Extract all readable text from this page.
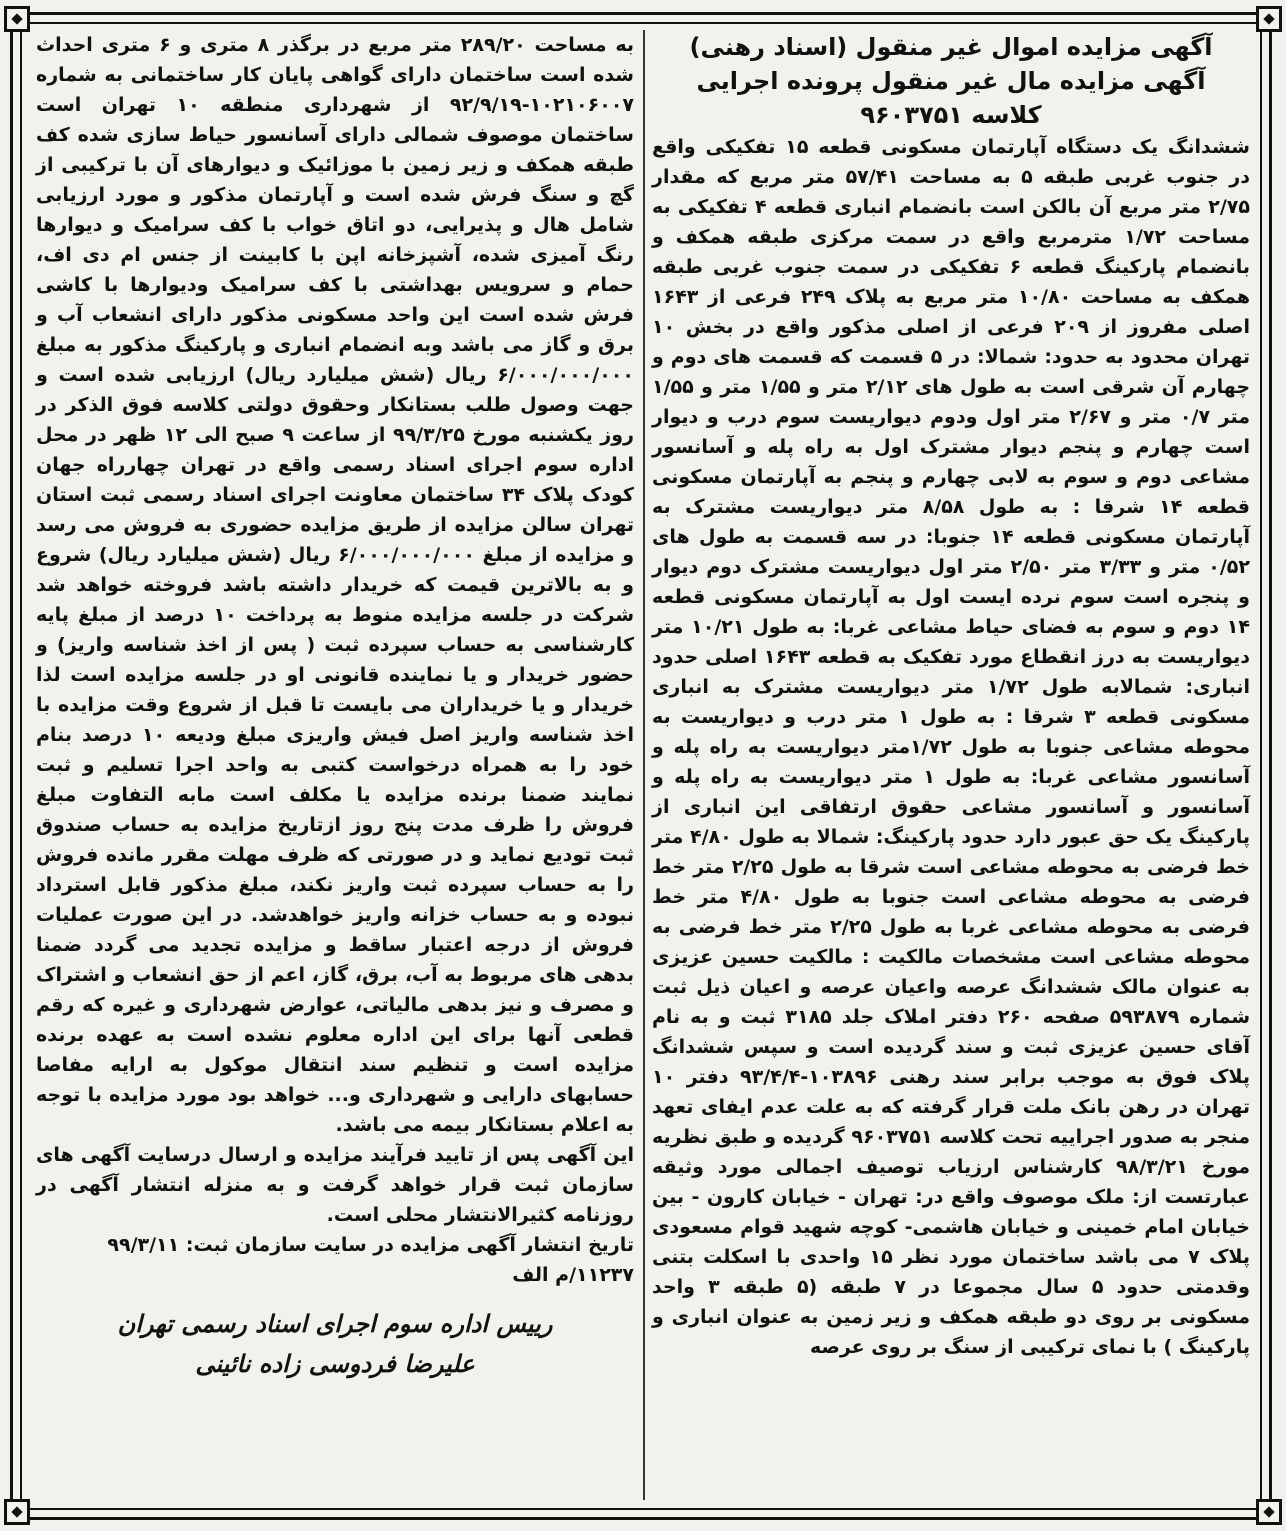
آگهی مزایده اموال غیر منقول (اسناد رهنی)
آگهی مزایده مال غیر منقول پرونده اجرایی
کلاسه ۹۶۰۳۷۵۱

ششدانگ یک دستگاه آپارتمان مسکونی قطعه ۱۵ تفکیکی واقع در جنوب غربی طبقه ۵ به مساحت ۵۷/۴۱ متر مربع که مقدار ۲/۷۵ متر مربع آن بالکن است بانضمام انباری قطعه ۴ تفکیکی به مساحت ۱/۷۲ مترمربع واقع در سمت مرکزی طبقه همکف و بانضمام پارکینگ قطعه ۶ تفکیکی در سمت جنوب غربی طبقه همکف به مساحت ۱۰/۸۰ متر مربع به پلاک ۲۴۹ فرعی از ۱۶۴۳ اصلی مفروز از ۲۰۹ فرعی از اصلی مذکور واقع در بخش ۱۰ تهران محدود به حدود: شمالا: در ۵ قسمت که قسمت های دوم و چهارم آن شرقی است به طول های ۲/۱۲ متر و ۱/۵۵ متر و ۱/۵۵ متر ۰/۷ متر و ۲/۶۷ متر اول ودوم دیواریست سوم درب و دیوار است چهارم و پنجم دیوار مشترک اول به راه پله و آسانسور مشاعی دوم و سوم به لابی چهارم و پنجم به آپارتمان مسکونی قطعه ۱۴ شرقا : به طول ۸/۵۸ متر دیواریست مشترک به آپارتمان مسکونی قطعه ۱۴ جنوبا: در سه قسمت به طول های ۰/۵۲ متر و ۳/۳۳ متر ۲/۵۰ متر اول دیواریست مشترک دوم دیوار و پنجره است سوم نرده ایست اول به آپارتمان مسکونی قطعه ۱۴ دوم و سوم به فضای حیاط مشاعی غربا: به طول ۱۰/۲۱ متر دیواریست به درز انقطاع مورد تفکیک به قطعه ۱۶۴۳ اصلی حدود انباری: شمالابه طول ۱/۷۲ متر دیواریست مشترک به انباری مسکونی قطعه ۳ شرقا : به طول ۱ متر درب و دیواریست به محوطه مشاعی جنوبا به طول ۱/۷۲متر دیواریست به راه پله و آسانسور مشاعی غربا: به طول ۱ متر دیواریست به راه پله و آسانسور و آسانسور مشاعی حقوق ارتفاقی این انباری از پارکینگ یک حق عبور دارد حدود پارکینگ: شمالا به طول ۴/۸۰ متر خط فرضی به محوطه مشاعی است شرقا به طول ۲/۲۵ متر خط فرضی به محوطه مشاعی است جنوبا به طول ۴/۸۰ متر خط فرضی به محوطه مشاعی غربا به طول ۲/۲۵ متر خط فرضی به محوطه مشاعی است مشخصات مالکیت : مالکیت حسین عزیزی به عنوان مالک ششدانگ عرصه واعیان عرصه و اعیان ذیل ثبت شماره ۵۹۳۸۷۹ صفحه ۲۶۰ دفتر املاک جلد ۳۱۸۵ ثبت و به نام آقای حسین عزیزی ثبت و سند گردیده است و سپس ششدانگ پلاک فوق به موجب برابر سند رهنی ۱۰۳۸۹۶-۹۳/۴/۴ دفتر ۱۰ تهران در رهن بانک ملت قرار گرفته که به علت عدم ایفای تعهد منجر به صدور اجراییه تحت کلاسه ۹۶۰۳۷۵۱ گردیده و طبق نظریه مورخ ۹۸/۳/۲۱ کارشناس ارزیاب توصیف اجمالی مورد وثیقه عبارتست از: ملک موصوف واقع در: تهران - خیابان کارون - بین خیابان امام خمینی و خیابان هاشمی- کوچه شهید قوام مسعودی پلاک ۷ می باشد ساختمان مورد نظر ۱۵ واحدی با اسکلت بتنی وقدمتی حدود ۵ سال مجموعا در ۷ طبقه (۵ طبقه ۳ واحد مسکونی بر روی دو طبقه همکف و زیر زمین به عنوان انباری و پارکینگ ) با نمای ترکیبی از سنگ بر روی عرصه

به مساحت ۲۸۹/۲۰ متر مربع در برگذر ۸ متری و ۶ متری احداث شده است ساختمان دارای گواهی پایان کار ساختمانی به شماره ۱۰۲۱۰۶۰۰۷-۹۲/۹/۱۹ از شهرداری منطقه ۱۰ تهران است ساختمان موصوف شمالی دارای آسانسور حیاط سازی شده کف طبقه همکف و زیر زمین با موزائیک و دیوارهای آن با ترکیبی از گچ و سنگ فرش شده است و آپارتمان مذکور و مورد ارزیابی شامل هال و پذیرایی، دو اتاق خواب با کف سرامیک و دیوارها رنگ آمیزی شده، آشپزخانه اپن با کابینت از جنس ام دی اف، حمام و سرویس بهداشتی با کف سرامیک ودیوارها با کاشی فرش شده است این واحد مسکونی مذکور دارای انشعاب آب و برق و گاز می باشد وبه انضمام انباری و پارکینگ مذکور به مبلغ ۶/۰۰۰/۰۰۰/۰۰۰ ریال (شش میلیارد ریال) ارزیابی شده است و جهت وصول طلب بستانکار وحقوق دولتی کلاسه فوق الذکر در روز یکشنبه مورخ ۹۹/۳/۲۵ از ساعت ۹ صبح الی ۱۲ ظهر در محل اداره سوم اجرای اسناد رسمی واقع در تهران چهارراه جهان کودک پلاک ۳۴ ساختمان معاونت اجرای اسناد رسمی ثبت استان تهران سالن مزایده از طریق مزایده حضوری به فروش می رسد و مزایده از مبلغ ۶/۰۰۰/۰۰۰/۰۰۰ ریال (شش میلیارد ریال) شروع و به بالاترین قیمت که خریدار داشته باشد فروخته خواهد شد شرکت در جلسه مزایده منوط به پرداخت ۱۰ درصد از مبلغ پایه کارشناسی به حساب سپرده ثبت ( پس از اخذ شناسه واریز) و حضور خریدار و یا نماینده قانونی او در جلسه مزایده است لذا خریدار و یا خریداران می بایست تا قبل از شروع وقت مزایده با اخذ شناسه واریز اصل فیش واریزی مبلغ ودیعه ۱۰ درصد بنام خود را به همراه درخواست کتبی به واحد اجرا تسلیم و ثبت نمایند ضمنا برنده مزایده یا مکلف است مابه التفاوت مبلغ فروش را ظرف مدت پنج روز ازتاریخ مزایده به حساب صندوق ثبت تودیع نماید و در صورتی که ظرف مهلت مقرر مانده فروش را به حساب سپرده ثبت واریز نکند، مبلغ مذکور قابل استرداد نبوده و به حساب خزانه واریز خواهدشد. در این صورت عملیات فروش از درجه اعتبار ساقط و مزایده تجدید می گردد ضمنا بدهی های مربوط به آب، برق، گاز، اعم از حق انشعاب و اشتراک و مصرف و نیز بدهی مالیاتی، عوارض شهرداری و غیره که رقم قطعی آنها برای این اداره معلوم نشده است به عهده برنده مزایده است و تنظیم سند انتقال موکول به ارایه مفاصا حسابهای دارایی و شهرداری و... خواهد بود مورد مزایده با توجه به اعلام بستانکار بیمه می باشد.

این آگهی پس از تایید فرآیند مزایده و ارسال درسایت آگهی های سازمان ثبت قرار خواهد گرفت و به منزله انتشار آگهی در روزنامه کثیرالانتشار محلی است.

تاریخ انتشار آگهی مزایده در سایت سازمان ثبت: ۹۹/۳/۱۱

۱۱۲۳۷/م الف

رییس اداره سوم اجرای اسناد رسمی تهران
علیرضا فردوسی زاده نائینی
